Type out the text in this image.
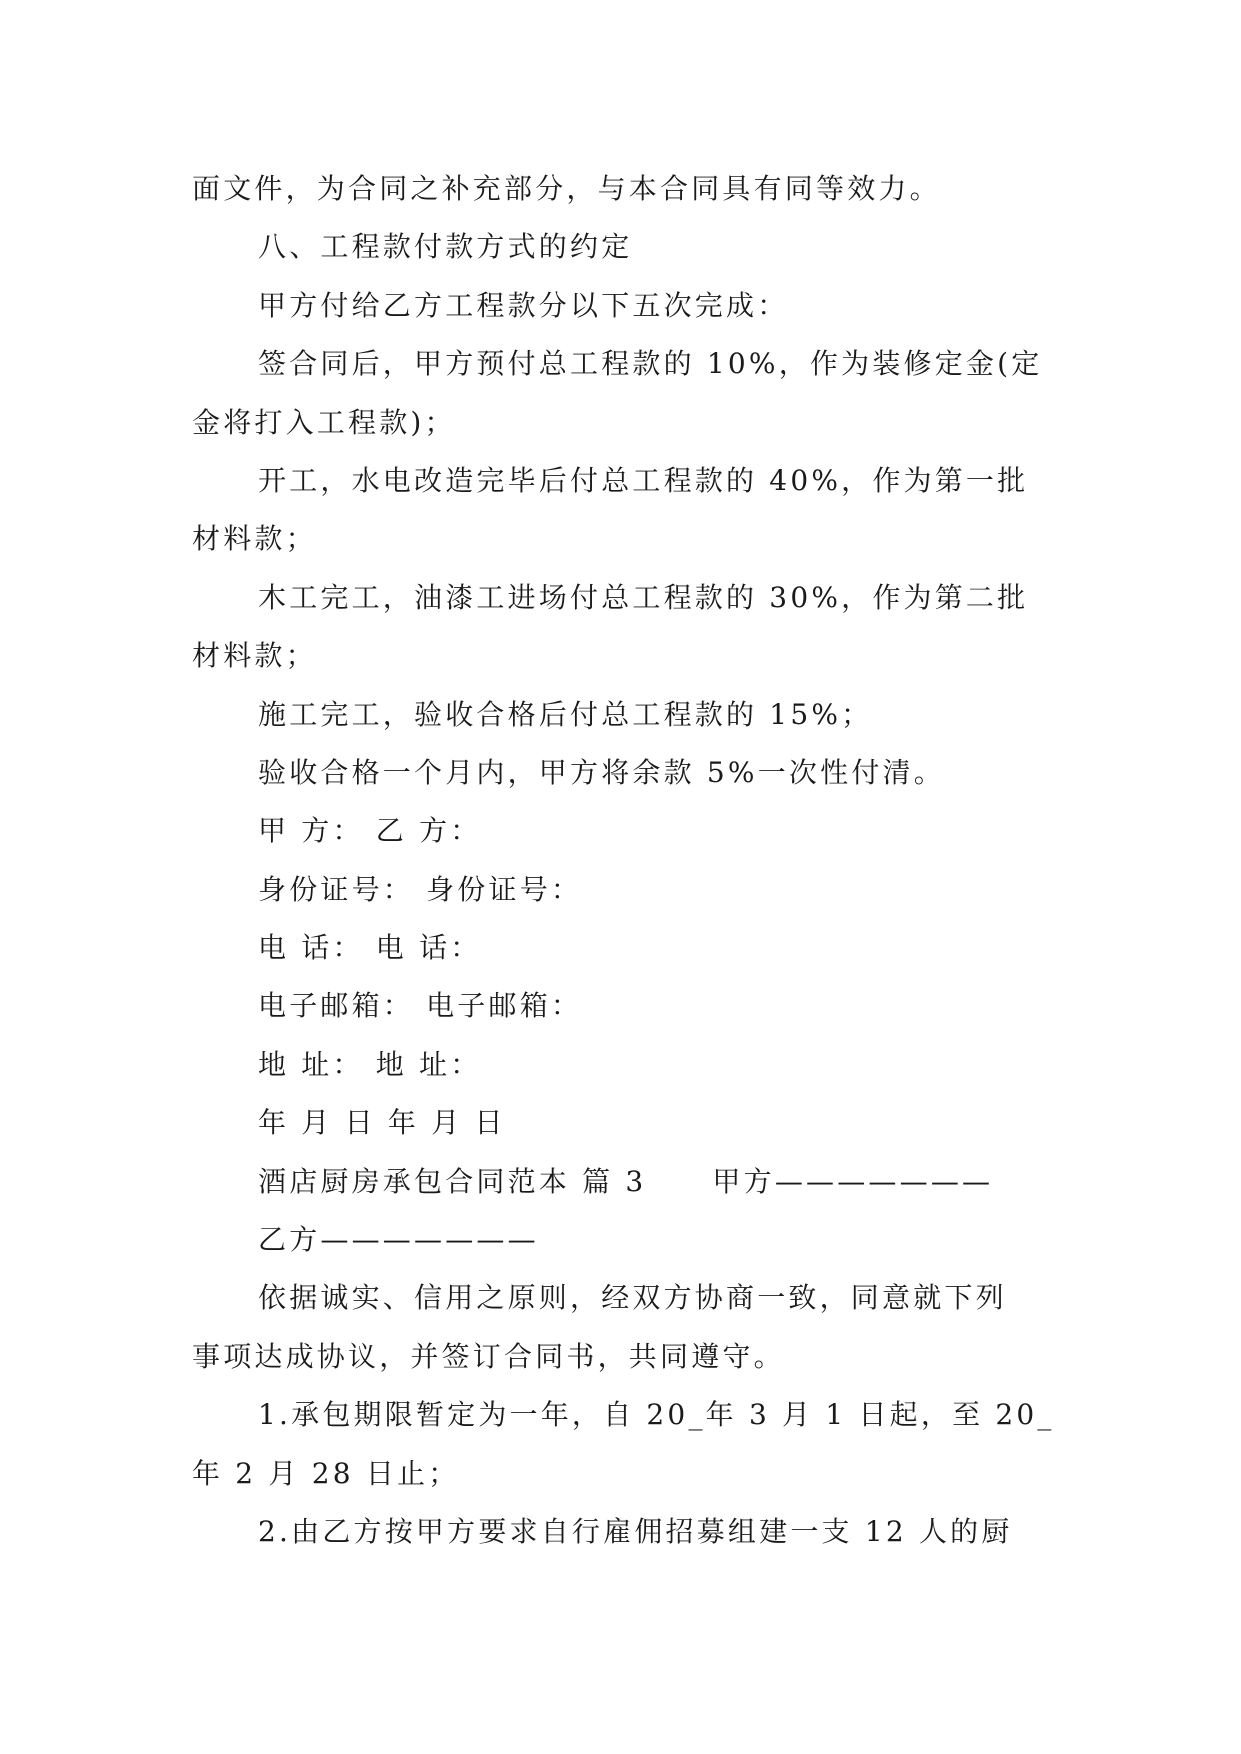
面文件，为合同之补充部分，与本合同具有同等效力。
八、工程款付款方式的约定
甲方付给乙方工程款分以下五次完成：
签合同后，甲方预付总工程款的 10%，作为装修定金(定
金将打入工程款)；
开工，水电改造完毕后付总工程款的 40%，作为第一批
材料款；
木工完工，油漆工进场付总工程款的 30%，作为第二批
材料款；
施工完工，验收合格后付总工程款的 15%；
验收合格一个月内，甲方将余款 5%一次性付清。
甲 方： 乙 方：
身份证号： 身份证号：
电 话： 电 话：
电子邮箱： 电子邮箱：
地 址： 地 址：
年 月 日 年 月 日
酒店厨房承包合同范本 篇 3 甲方———————
乙方———————
依据诚实、信用之原则，经双方协商一致，同意就下列
事项达成协议，并签订合同书，共同遵守。
1.承包期限暂定为一年，自 20_年 3 月 1 日起，至 20_
年 2 月 28 日止；
2.由乙方按甲方要求自行雇佣招募组建一支 12 人的厨
